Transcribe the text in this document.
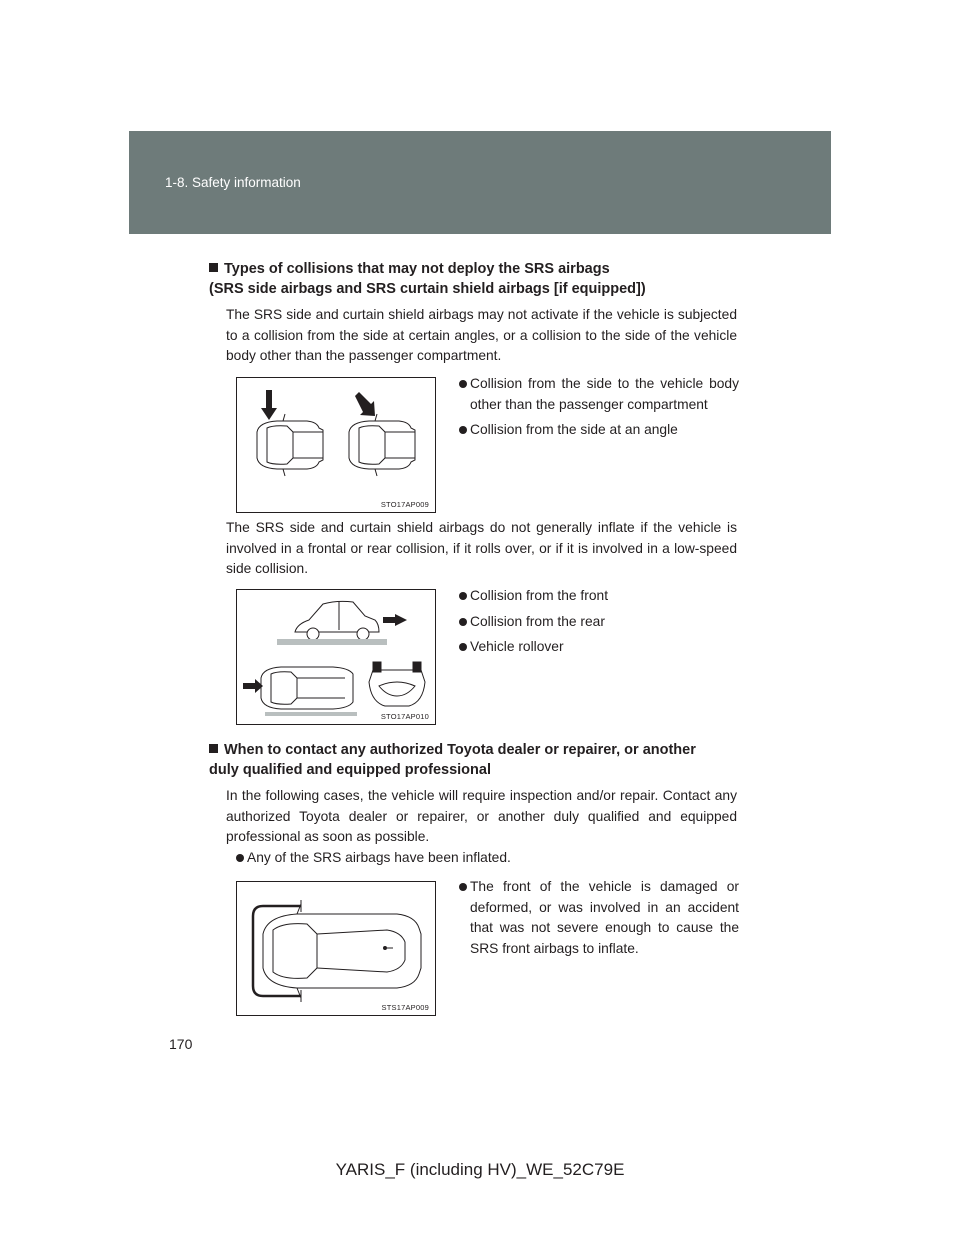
1-8. Safety information
Types of collisions that may not deploy the SRS airbags
(SRS side airbags and SRS curtain shield airbags [if equipped])
The SRS side and curtain shield airbags may not activate if the vehicle is subjected to a collision from the side at certain angles, or a collision to the side of the vehicle body other than the passenger compartment.
STO17AP009
Collision from the side to the vehicle body other than the passenger compartment
Collision from the side at an angle
The SRS side and curtain shield airbags do not generally inflate if the vehicle is involved in a frontal or rear collision, if it rolls over, or if it is involved in a low-speed side collision.
STO17AP010
Collision from the front
Collision from the rear
Vehicle rollover
When to contact any authorized Toyota dealer or repairer, or another
duly qualified and equipped professional
In the following cases, the vehicle will require inspection and/or repair. Contact any authorized Toyota dealer or repairer, or another duly qualified and equipped professional as soon as possible.
Any of the SRS airbags have been inflated.
STS17AP009
The front of the vehicle is damaged or deformed, or was involved in an accident that was not severe enough to cause the SRS front airbags to inflate.
170
YARIS_F (including HV)_WE_52C79E
